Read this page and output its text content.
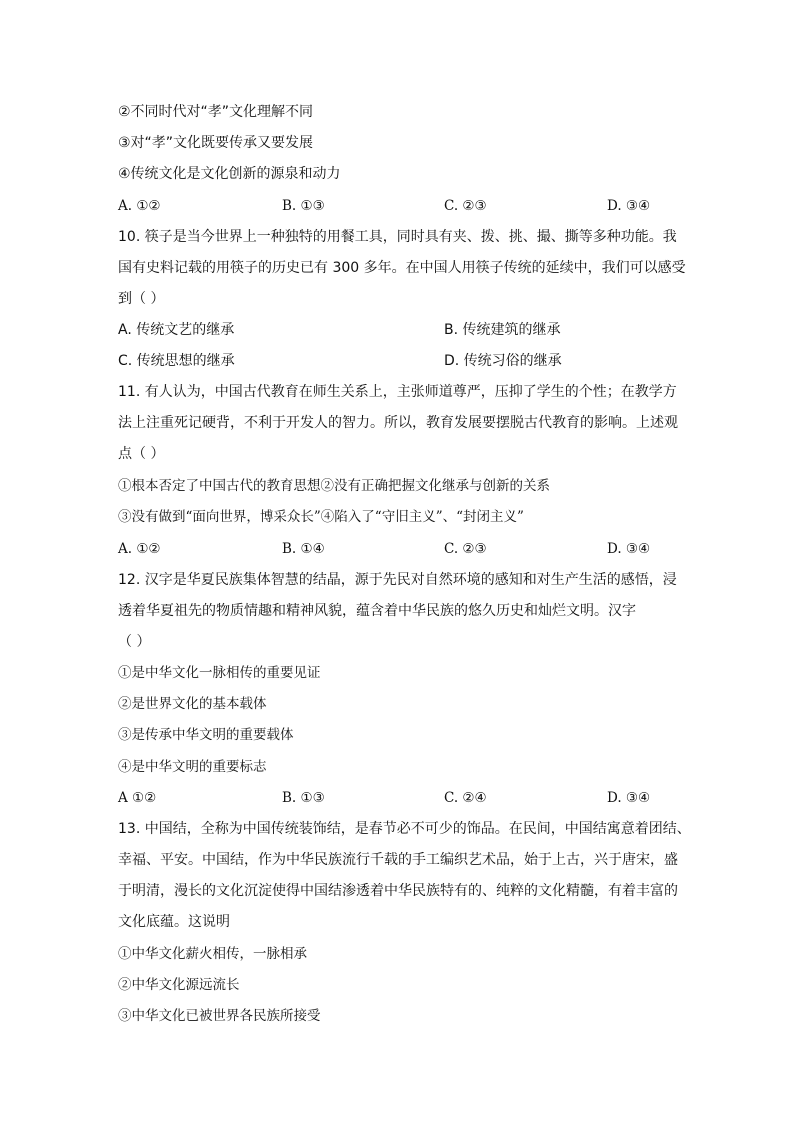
②不同时代对“孝”文化理解不同
③对“孝”文化既要传承又要发展
④传统文化是文化创新的源泉和动力
A. ①②	B. ①③	C. ②③	D. ③④
10. 筷子是当今世界上一种独特的用餐工具，同时具有夹、拨、挑、撮、撕等多种功能。我
国有史料记载的用筷子的历史已有 300 多年。在中国人用筷子传统的延续中，我们可以感受
到（ ）
A. 传统文艺的继承	B. 传统建筑的继承
C. 传统思想的继承	D. 传统习俗的继承
11. 有人认为，中国古代教育在师生关系上，主张师道尊严，压抑了学生的个性；在教学方
法上注重死记硬背，不利于开发人的智力。所以，教育发展要摆脱古代教育的影响。上述观
点（ ）
①根本否定了中国古代的教育思想②没有正确把握文化继承与创新的关系
③没有做到“面向世界，博采众长”④陷入了“守旧主义”、“封闭主义”
A. ①②	B. ①④	C. ②③	D. ③④
12. 汉字是华夏民族集体智慧的结晶，源于先民对自然环境的感知和对生产生活的感悟，浸
透着华夏祖先的物质情趣和精神风貌，蕴含着中华民族的悠久历史和灿烂文明。汉字
（ ）
①是中华文化一脉相传的重要见证
②是世界文化的基本载体
③是传承中华文明的重要载体
④是中华文明的重要标志
A ①②	B. ①③	C. ②④	D. ③④
13. 中国结，全称为中国传统装饰结，是春节必不可少的饰品。在民间，中国结寓意着团结、
幸福、平安。中国结，作为中华民族流行千载的手工编织艺术品，始于上古，兴于唐宋，盛
于明清，漫长的文化沉淀使得中国结渗透着中华民族特有的、纯粹的文化精髓，有着丰富的
文化底蕴。这说明
①中华文化薪火相传，一脉相承
②中华文化源远流长
③中华文化已被世界各民族所接受
